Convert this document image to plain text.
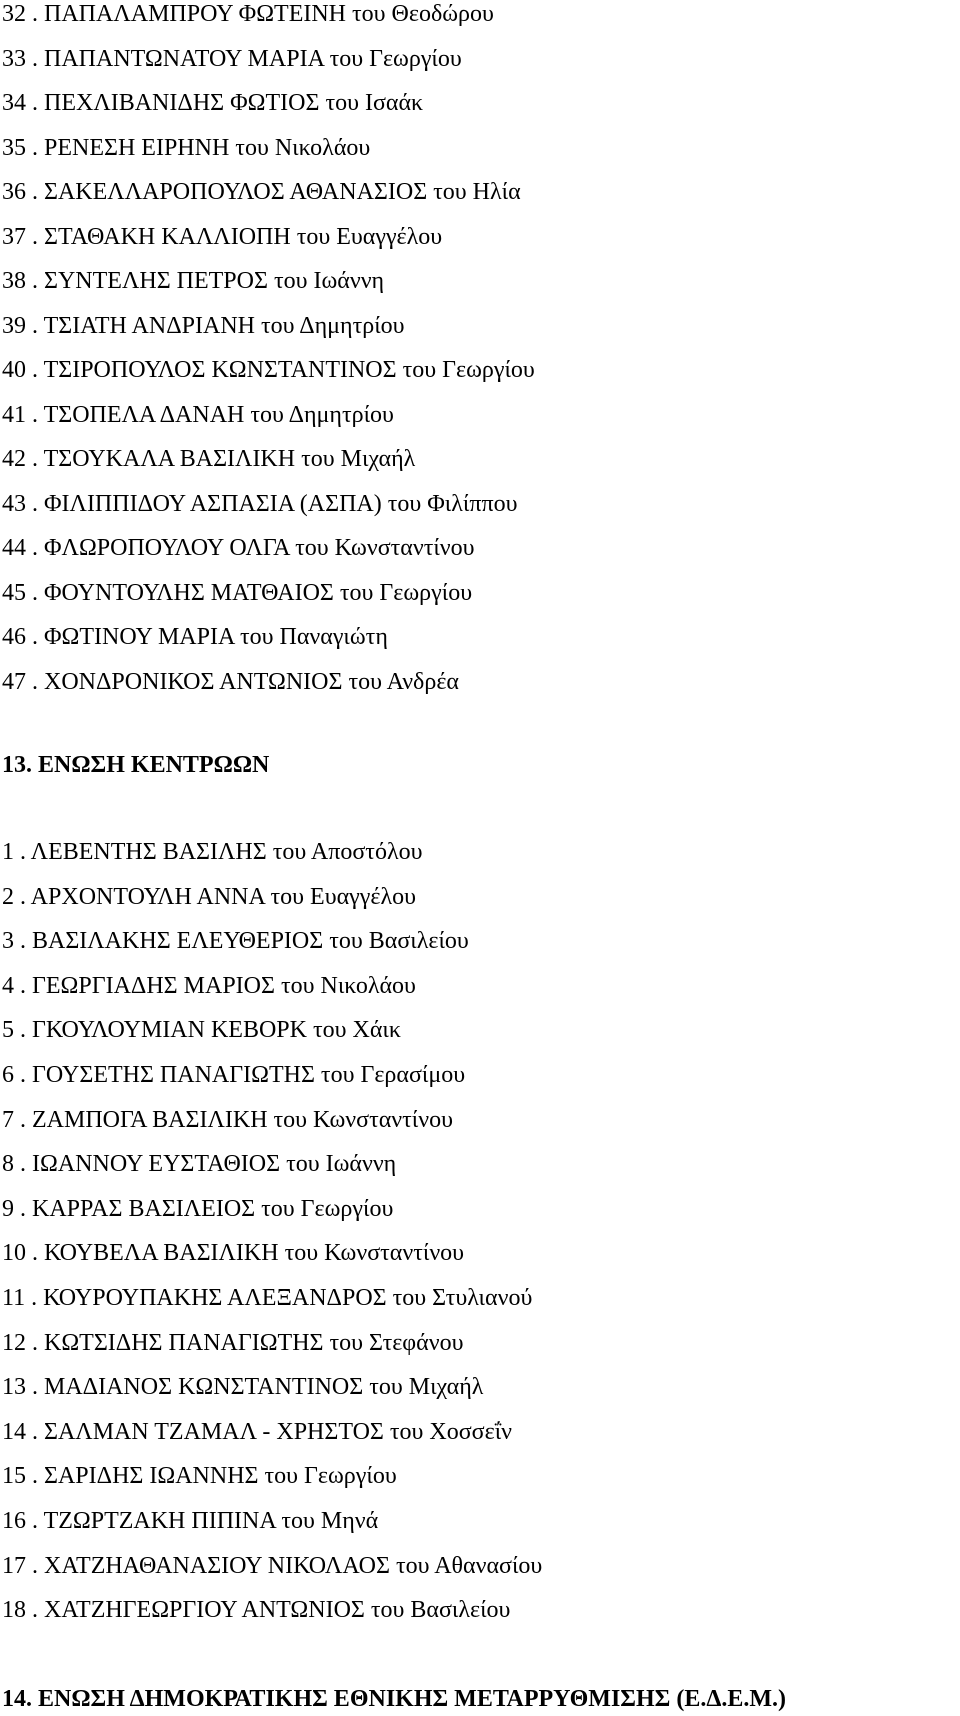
32 . ΠΑΠΑΛΑΜΠΡΟΥ ΦΩΤΕΙΝΗ του Θεοδώρου
33 . ΠΑΠΑΝΤΩΝΑΤΟΥ ΜΑΡΙΑ του Γεωργίου
34 . ΠΕΧΛΙΒΑΝΙΔΗΣ ΦΩΤΙΟΣ του Ισαάκ
35 . ΡΕΝΕΣΗ ΕΙΡΗΝΗ του Νικολάου
36 . ΣΑΚΕΛΛΑΡΟΠΟΥΛΟΣ ΑΘΑΝΑΣΙΟΣ του Ηλία
37 . ΣΤΑΘΑΚΗ ΚΑΛΛΙΟΠΗ του Ευαγγέλου
38 . ΣΥΝΤΕΛΗΣ ΠΕΤΡΟΣ του Ιωάννη
39 . ΤΣΙΑΤΗ ΑΝΔΡΙΑΝΗ του Δημητρίου
40 . ΤΣΙΡΟΠΟΥΛΟΣ ΚΩΝΣΤΑΝΤΙΝΟΣ του Γεωργίου
41 . ΤΣΟΠΕΛΑ ΔΑΝΑΗ του Δημητρίου
42 . ΤΣΟΥΚΑΛΑ ΒΑΣΙΛΙΚΗ του Μιχαήλ
43 . ΦΙΛΙΠΠΙΔΟΥ ΑΣΠΑΣΙΑ (ΑΣΠΑ) του Φιλίππου
44 . ΦΛΩΡΟΠΟΥΛΟΥ ΟΛΓΑ του Κωνσταντίνου
45 . ΦΟΥΝΤΟΥΛΗΣ ΜΑΤΘΑΙΟΣ του Γεωργίου
46 . ΦΩΤΙΝΟΥ ΜΑΡΙΑ του Παναγιώτη
47 . ΧΟΝΔΡΟΝΙΚΟΣ ΑΝΤΩΝΙΟΣ του Ανδρέα
13. ΕΝΩΣΗ ΚΕΝΤΡΩΩΝ
1 . ΛΕΒΕΝΤΗΣ ΒΑΣΙΛΗΣ του Αποστόλου
2 . ΑΡΧΟΝΤΟΥΛΗ ΑΝΝΑ του Ευαγγέλου
3 . ΒΑΣΙΛΑΚΗΣ ΕΛΕΥΘΕΡΙΟΣ του Βασιλείου
4 . ΓΕΩΡΓΙΑΔΗΣ ΜΑΡΙΟΣ του Νικολάου
5 . ΓΚΟΥΛΟΥΜΙΑΝ ΚΕΒΟΡΚ του Χάικ
6 . ΓΟΥΣΕΤΗΣ ΠΑΝΑΓΙΩΤΗΣ του Γερασίμου
7 . ΖΑΜΠΟΓΑ ΒΑΣΙΛΙΚΗ του Κωνσταντίνου
8 . ΙΩΑΝΝΟΥ ΕΥΣΤΑΘΙΟΣ του Ιωάννη
9 . ΚΑΡΡΑΣ ΒΑΣΙΛΕΙΟΣ του Γεωργίου
10 . ΚΟΥΒΕΛΑ ΒΑΣΙΛΙΚΗ του Κωνσταντίνου
11 . ΚΟΥΡΟΥΠΑΚΗΣ ΑΛΕΞΑΝΔΡΟΣ του Στυλιανού
12 . ΚΩΤΣΙΔΗΣ ΠΑΝΑΓΙΩΤΗΣ του Στεφάνου
13 . ΜΑΔΙΑΝΟΣ ΚΩΝΣΤΑΝΤΙΝΟΣ του Μιχαήλ
14 . ΣΑΛΜΑΝ ΤΖΑΜΑΛ - ΧΡΗΣΤΟΣ του Χοσσεΐν
15 . ΣΑΡΙΔΗΣ ΙΩΑΝΝΗΣ του Γεωργίου
16 . ΤΖΩΡΤΖΑΚΗ ΠΙΠΙΝΑ του Μηνά
17 . ΧΑΤΖΗΑΘΑΝΑΣΙΟΥ ΝΙΚΟΛΑΟΣ του Αθανασίου
18 . ΧΑΤΖΗΓΕΩΡΓΙΟΥ ΑΝΤΩΝΙΟΣ του Βασιλείου
14. ΕΝΩΣΗ ΔΗΜΟΚΡΑΤΙΚΗΣ ΕΘΝΙΚΗΣ ΜΕΤΑΡΡΥΘΜΙΣΗΣ (Ε.Δ.Ε.Μ.)
